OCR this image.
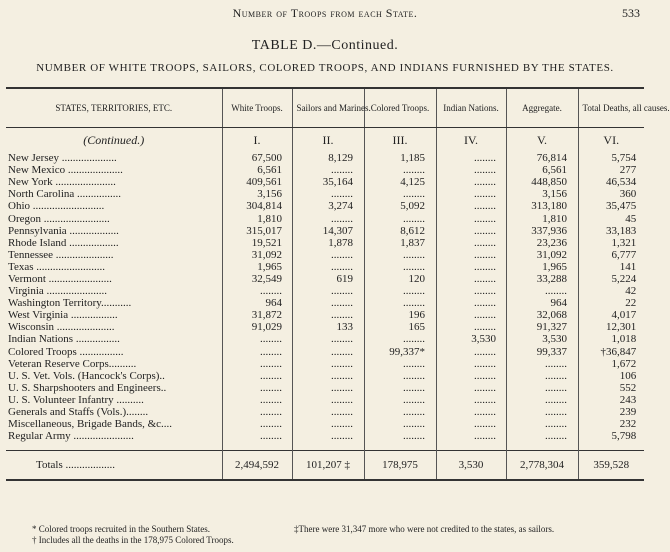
Number of Troops from each State.	533
TABLE D.—Continued.
NUMBER OF WHITE TROOPS, SAILORS, COLORED TROOPS, AND INDIANS FURNISHED BY THE STATES.
STATES, TERRITORIES, ETC.	White Troops.	Sailors and Marines.	Colored Troops.	Indian Nations.	Aggregate.	Total Deaths, all causes.
(Continued.)	I.	II.	III.	IV.	V.	VI.
New Jersey ....................	67,500	8,129	1,185	........	76,814	5,754
New Mexico ....................	6,561	........	........	........	6,561	277
New York ......................	409,561	35,164	4,125	........	448,850	46,534
North Carolina ................	3,156	........	........	........	3,156	360
Ohio ..........................	304,814	3,274	5,092	........	313,180	35,475
Oregon ........................	1,810	........	........	........	1,810	45
Pennsylvania ..................	315,017	14,307	8,612	........	337,936	33,183
Rhode Island ..................	19,521	1,878	1,837	........	23,236	1,321
Tennessee .....................	31,092	........	........	........	31,092	6,777
Texas .........................	1,965	........	........	........	1,965	141
Vermont .......................	32,549	619	120	........	33,288	5,224
Virginia ......................	........	........	........	........	........	42
Washington Territory...........	964	........	........	........	964	22
West Virginia .................	31,872	........	196	........	32,068	4,017
Wisconsin .....................	91,029	133	165	........	91,327	12,301
Indian Nations ................	........	........	........	3,530	3,530	1,018
Colored Troops ................	........	........	99,337*	........	99,337	†36,847
Veteran Reserve Corps..........	........	........	........	........	........	1,672
U. S. Vet. Vols. (Hancock's Corps)..	........	........	........	........	........	106
U. S. Sharpshooters and Engineers..	........	........	........	........	........	552
U. S. Volunteer Infantry ..........	........	........	........	........	........	243
Generals and Staffs (Vols.)........	........	........	........	........	........	239
Miscellaneous, Brigade Bands, &c....	........	........	........	........	........	232
Regular Army ......................	........	........	........	........	........	5,798

Totals ..................	2,494,592	101,207 ‡	178,975	3,530	2,778,304	359,528
* Colored troops recruited in the Southern States.
† Includes all the deaths in the 178,975 Colored Troops.
‡There were 31,347 more who were not credited to the states, as sailors.
